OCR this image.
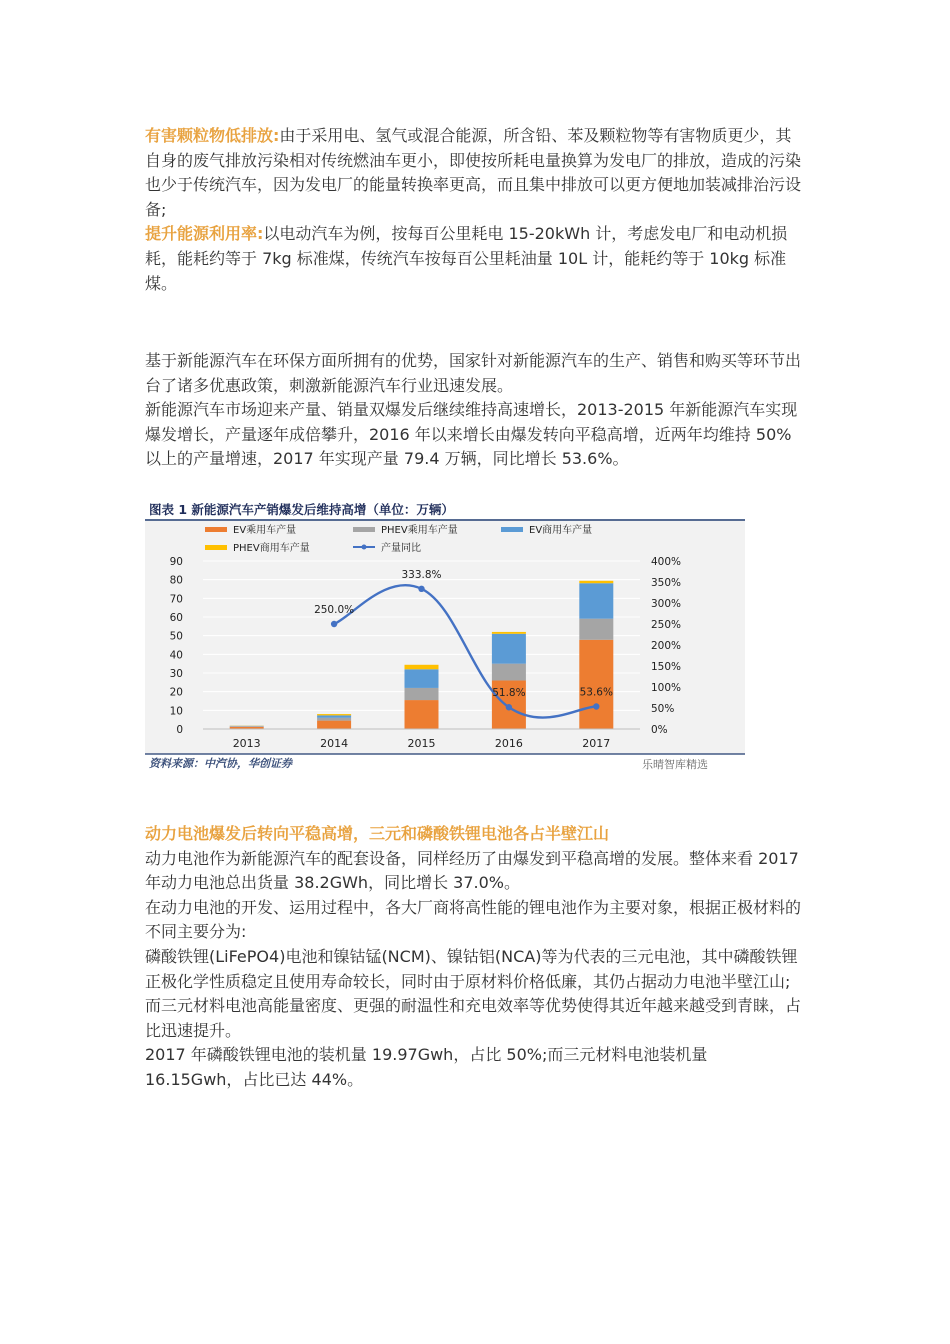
有害颗粒物低排放:由于采用电、氢气或混合能源，所含铅、苯及颗粒物等有害物质更少，其自身的废气排放污染相对传统燃油车更小，即使按所耗电量换算为发电厂的排放，造成的污染也少于传统汽车，因为发电厂的能量转换率更高，而且集中排放可以更方便地加装减排治污设备;

提升能源利用率:以电动汽车为例，按每百公里耗电 15-20kWh 计，考虑发电厂和电动机损耗，能耗约等于 7kg 标准煤，传统汽车按每百公里耗油量 10L 计，能耗约等于 10kg 标准煤。

基于新能源汽车在环保方面所拥有的优势，国家针对新能源汽车的生产、销售和购买等环节出台了诸多优惠政策，刺激新能源汽车行业迅速发展。

新能源汽车市场迎来产量、销量双爆发后继续维持高速增长，2013-2015 年新能源汽车实现爆发增长，产量逐年成倍攀升，2016 年以来增长由爆发转向平稳高增，近两年均维持 50%以上的产量增速，2017 年实现产量 79.4 万辆，同比增长 53.6%。

图表 1 新能源汽车产销爆发后维持高增（单位：万辆）
250.0%
333.8%
51.8%	53.6%
0
10
20
30
40
50
60
70
80
90
0%
50%
100%
150%
200%
250%
300%
350%
400%
2013	2014	2015	2016	2017
EV乘用车产量	PHEV乘用车产量	EV商用车产量
PHEV商用车产量	产量同比
资料来源：中汽协，华创证券	乐晴智库精选

动力电池爆发后转向平稳高增，三元和磷酸铁锂电池各占半壁江山

动力电池作为新能源汽车的配套设备，同样经历了由爆发到平稳高增的发展。整体来看 2017 年动力电池总出货量 38.2GWh，同比增长 37.0%。

在动力电池的开发、运用过程中，各大厂商将高性能的锂电池作为主要对象，根据正极材料的不同主要分为:

磷酸铁锂(LiFePO4)电池和镍钴锰(NCM)、镍钴铝(NCA)等为代表的三元电池，其中磷酸铁锂正极化学性质稳定且使用寿命较长，同时由于原材料价格低廉，其仍占据动力电池半壁江山;

而三元材料电池高能量密度、更强的耐温性和充电效率等优势使得其近年越来越受到青睐，占比迅速提升。

2017 年磷酸铁锂电池的装机量 19.97Gwh，占比 50%;而三元材料电池装机量 16.15Gwh，占比已达 44%。
